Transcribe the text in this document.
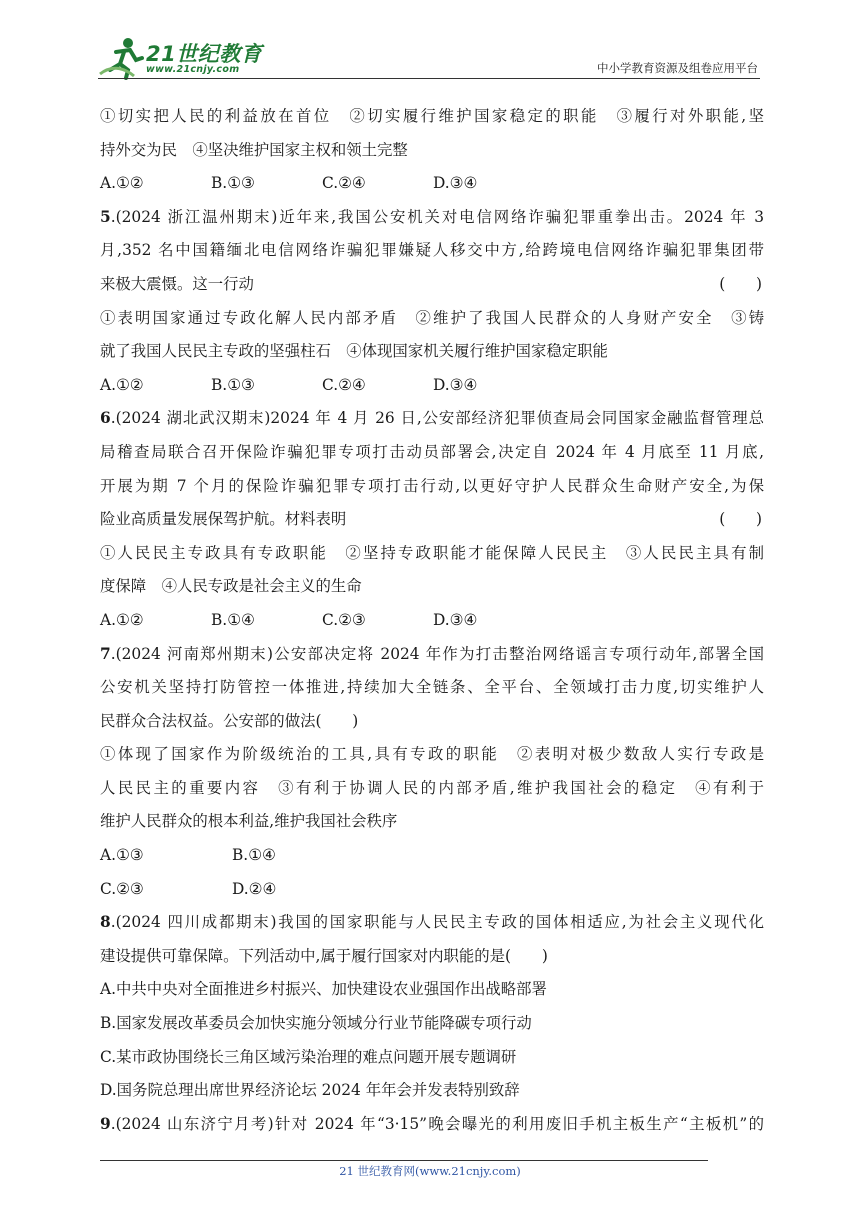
21世纪教育
www.21cnjy.com	中小学教育资源及组卷应用平台
①切实把人民的利益放在首位　②切实履行维护国家稳定的职能　③履行对外职能,坚
持外交为民　④坚决维护国家主权和领土完整
A.①②	B.①③	C.②④	D.③④
5.(2024 浙江温州期末)近年来,我国公安机关对电信网络诈骗犯罪重拳出击。2024 年 3
月,352 名中国籍缅北电信网络诈骗犯罪嫌疑人移交中方,给跨境电信网络诈骗犯罪集团带
来极大震慑。这一行动	(　　)
①表明国家通过专政化解人民内部矛盾　②维护了我国人民群众的人身财产安全　③铸
就了我国人民民主专政的坚强柱石　④体现国家机关履行维护国家稳定职能
A.①②	B.①③	C.②④	D.③④
6.(2024 湖北武汉期末)2024 年 4 月 26 日,公安部经济犯罪侦查局会同国家金融监督管理总
局稽查局联合召开保险诈骗犯罪专项打击动员部署会,决定自 2024 年 4 月底至 11 月底,
开展为期 7 个月的保险诈骗犯罪专项打击行动,以更好守护人民群众生命财产安全,为保
险业高质量发展保驾护航。材料表明	(　　)
①人民民主专政具有专政职能　②坚持专政职能才能保障人民民主　③人民民主具有制
度保障　④人民专政是社会主义的生命
A.①②	B.①④	C.②③	D.③④
7.(2024 河南郑州期末)公安部决定将 2024 年作为打击整治网络谣言专项行动年,部署全国
公安机关坚持打防管控一体推进,持续加大全链条、全平台、全领域打击力度,切实维护人
民群众合法权益。公安部的做法(　　)
①体现了国家作为阶级统治的工具,具有专政的职能　②表明对极少数敌人实行专政是
人民民主的重要内容　③有利于协调人民的内部矛盾,维护我国社会的稳定　④有利于
维护人民群众的根本利益,维护我国社会秩序
A.①③	B.①④
C.②③	D.②④
8.(2024 四川成都期末)我国的国家职能与人民民主专政的国体相适应,为社会主义现代化
建设提供可靠保障。下列活动中,属于履行国家对内职能的是(　　)
A.中共中央对全面推进乡村振兴、加快建设农业强国作出战略部署
B.国家发展改革委员会加快实施分领域分行业节能降碳专项行动
C.某市政协围绕长三角区域污染治理的难点问题开展专题调研
D.国务院总理出席世界经济论坛 2024 年年会并发表特别致辞
9.(2024 山东济宁月考)针对 2024 年“3·15”晚会曝光的利用废旧手机主板生产“主板机”的
21 世纪教育网(www.21cnjy.com)
